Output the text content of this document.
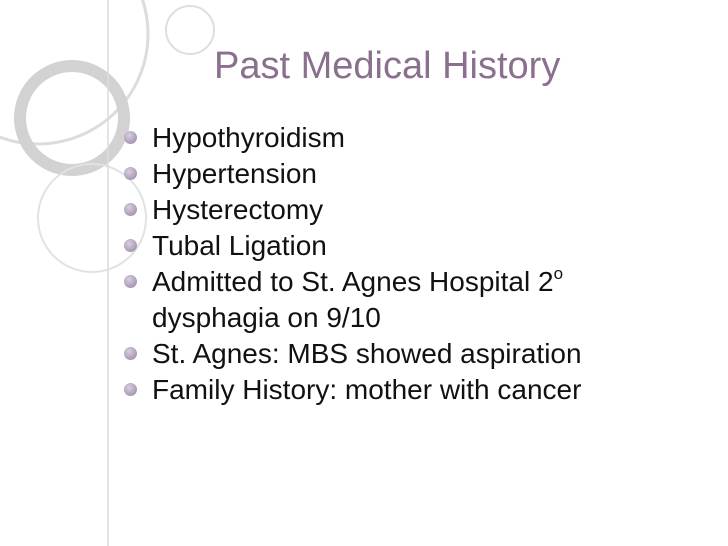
Past Medical History
Hypothyroidism
Hypertension
Hysterectomy
Tubal Ligation
Admitted to St. Agnes Hospital 2$^o$
dysphagia on 9/10
St. Agnes: MBS showed aspiration
Family History: mother with cancer
